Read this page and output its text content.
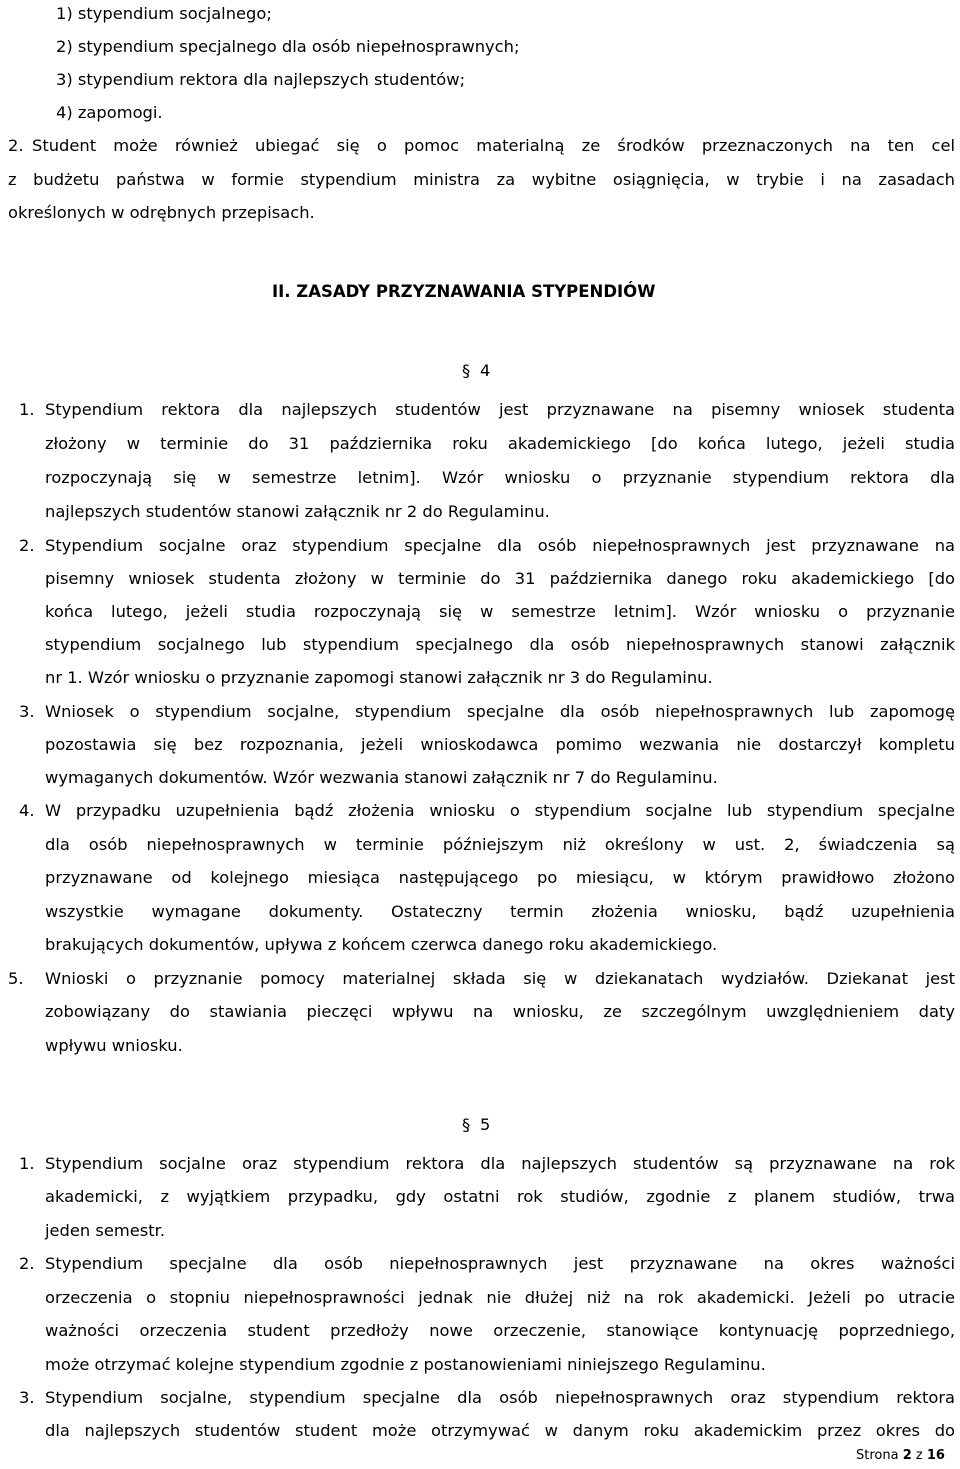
1) stypendium socjalnego;
2) stypendium specjalnego dla osób niepełnosprawnych;
3) stypendium rektora dla najlepszych studentów;
4) zapomogi.
2. Student może również ubiegać się o pomoc materialną ze środków przeznaczonych na ten cel
z budżetu państwa w formie stypendium ministra za wybitne osiągnięcia, w trybie i na zasadach
określonych w odrębnych przepisach.
II. ZASADY PRZYZNAWANIA STYPENDIÓW
§ 4
1. Stypendium rektora dla najlepszych studentów jest przyznawane na pisemny wniosek studenta
złożony w terminie do 31 października roku akademickiego [do końca lutego, jeżeli studia
rozpoczynają się w semestrze letnim]. Wzór wniosku o przyznanie stypendium rektora dla
najlepszych studentów stanowi załącznik nr 2 do Regulaminu.
2. Stypendium socjalne oraz stypendium specjalne dla osób niepełnosprawnych jest przyznawane na
pisemny wniosek studenta złożony w terminie do 31 października danego roku akademickiego [do
końca lutego, jeżeli studia rozpoczynają się w semestrze letnim]. Wzór wniosku o przyznanie
stypendium socjalnego lub stypendium specjalnego dla osób niepełnosprawnych stanowi załącznik
nr 1. Wzór wniosku o przyznanie zapomogi stanowi załącznik nr 3 do Regulaminu.
3. Wniosek o stypendium socjalne, stypendium specjalne dla osób niepełnosprawnych lub zapomogę
pozostawia się bez rozpoznania, jeżeli wnioskodawca pomimo wezwania nie dostarczył kompletu
wymaganych dokumentów. Wzór wezwania stanowi załącznik nr 7 do Regulaminu.
4. W przypadku uzupełnienia bądź złożenia wniosku o stypendium socjalne lub stypendium specjalne
dla osób niepełnosprawnych w terminie późniejszym niż określony w ust. 2, świadczenia są
przyznawane od kolejnego miesiąca następującego po miesiącu, w którym prawidłowo złożono
wszystkie wymagane dokumenty. Ostateczny termin złożenia wniosku, bądź uzupełnienia
brakujących dokumentów, upływa z końcem czerwca danego roku akademickiego.
5. Wnioski o przyznanie pomocy materialnej składa się w dziekanatach wydziałów. Dziekanat jest
zobowiązany do stawiania pieczęci wpływu na wniosku, ze szczególnym uwzględnieniem daty
wpływu wniosku.
§ 5
1. Stypendium socjalne oraz stypendium rektora dla najlepszych studentów są przyznawane na rok
akademicki, z wyjątkiem przypadku, gdy ostatni rok studiów, zgodnie z planem studiów, trwa
jeden semestr.
2. Stypendium specjalne dla osób niepełnosprawnych jest przyznawane na okres ważności
orzeczenia o stopniu niepełnosprawności jednak nie dłużej niż na rok akademicki. Jeżeli po utracie
ważności orzeczenia student przedłoży nowe orzeczenie, stanowiące kontynuację poprzedniego,
może otrzymać kolejne stypendium zgodnie z postanowieniami niniejszego Regulaminu.
3. Stypendium socjalne, stypendium specjalne dla osób niepełnosprawnych oraz stypendium rektora
dla najlepszych studentów student może otrzymywać w danym roku akademickim przez okres do
Strona 2 z 16
